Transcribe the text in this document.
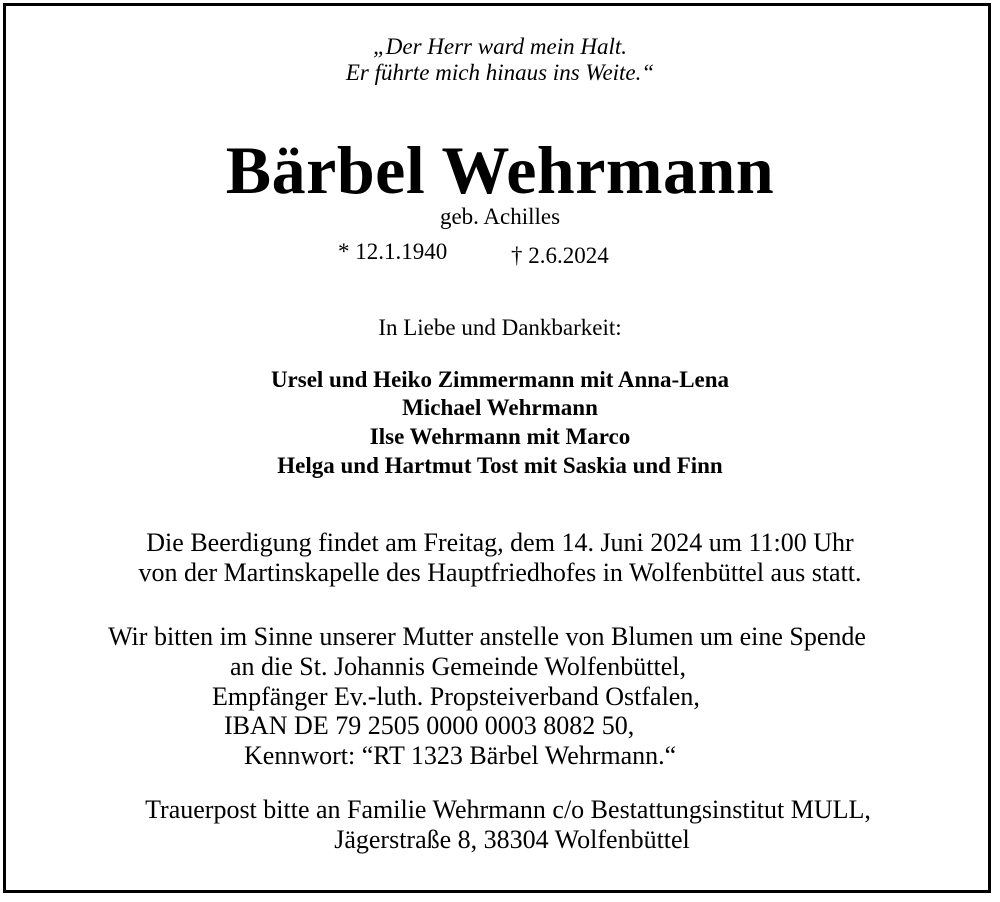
„Der Herr ward mein Halt.
Er führte mich hinaus ins Weite.“
Bärbel Wehrmann
geb. Achilles
* 12.1.1940	† 2.6.2024
In Liebe und Dankbarkeit:
Ursel und Heiko Zimmermann mit Anna-Lena
Michael Wehrmann
Ilse Wehrmann mit Marco
Helga und Hartmut Tost mit Saskia und Finn
Die Beerdigung findet am Freitag, dem 14. Juni 2024 um 11:00 Uhr
von der Martinskapelle des Hauptfriedhofes in Wolfenbüttel aus statt.
Wir bitten im Sinne unserer Mutter anstelle von Blumen um eine Spende
an die St. Johannis Gemeinde Wolfenbüttel,
Empfänger Ev.-luth. Propsteiverband Ostfalen,
IBAN DE 79 2505 0000 0003 8082 50,
Kennwort: “RT 1323 Bärbel Wehrmann.“
Trauerpost bitte an Familie Wehrmann c/o Bestattungsinstitut MULL,
Jägerstraße 8, 38304 Wolfenbüttel
